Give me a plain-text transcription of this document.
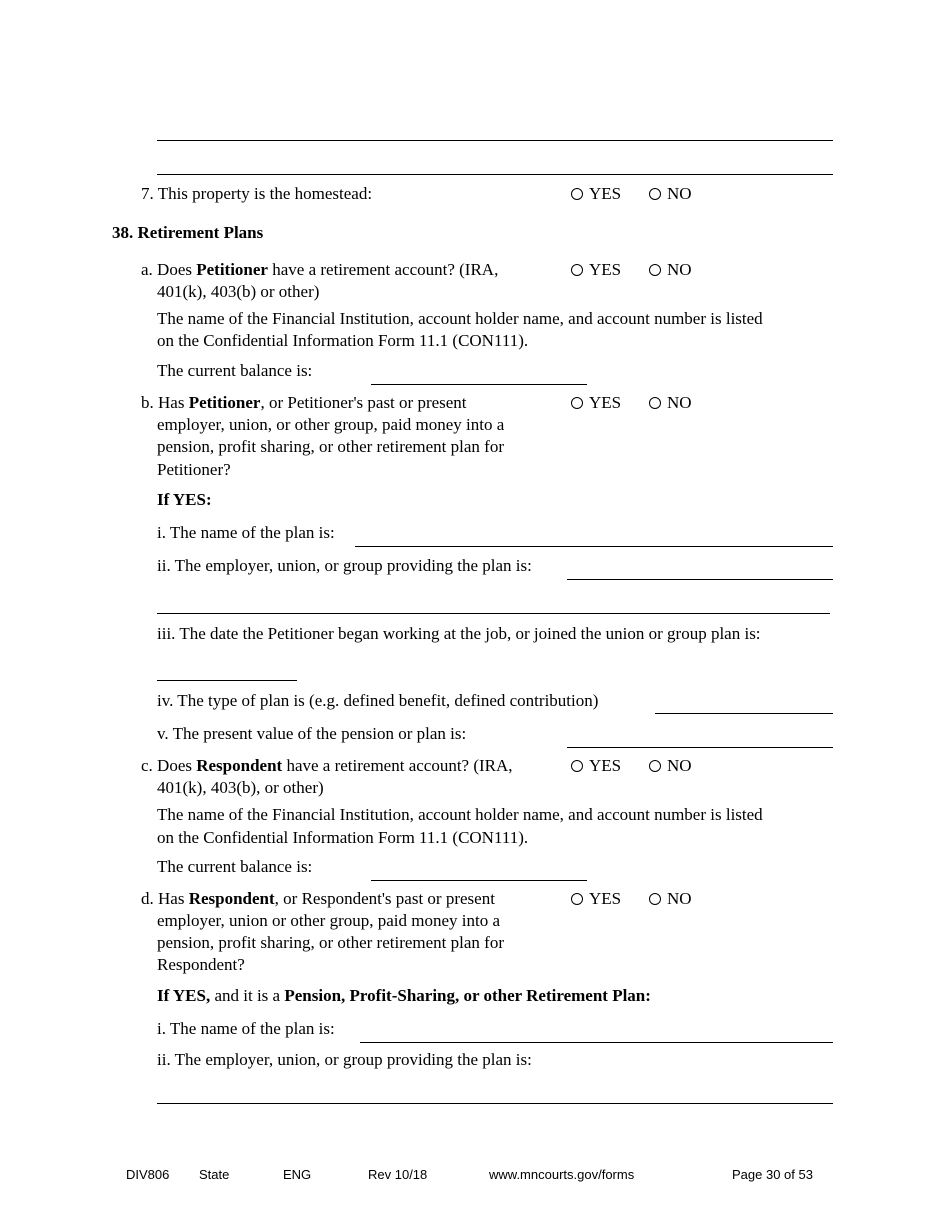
7. This property is the homestead:	YES	NO
38. Retirement Plans
a. Does Petitioner have a retirement account? (IRA,
401(k), 403(b) or other)
YES	NO
The name of the Financial Institution, account holder name, and account number is listed
on the Confidential Information Form 11.1 (CON111).
The current balance is:
b. Has Petitioner, or Petitioner's past or present
employer, union, or other group, paid money into a
pension, profit sharing, or other retirement plan for
Petitioner?
YES	NO
If YES:
i. The name of the plan is:
ii. The employer, union, or group providing the plan is:
iii. The date the Petitioner began working at the job, or joined the union or group plan is:
iv. The type of plan is (e.g. defined benefit, defined contribution)
v. The present value of the pension or plan is:
c. Does Respondent have a retirement account? (IRA,
401(k), 403(b), or other)
YES	NO
The name of the Financial Institution, account holder name, and account number is listed
on the Confidential Information Form 11.1 (CON111).
The current balance is:
d. Has Respondent, or Respondent's past or present
employer, union or other group, paid money into a
pension, profit sharing, or other retirement plan for
Respondent?
YES	NO
If YES, and it is a Pension, Profit-Sharing, or other Retirement Plan:
i. The name of the plan is:
ii. The employer, union, or group providing the plan is:
DIV806 State	ENG	Rev 10/18	www.mncourts.gov/forms	Page 30 of 53
